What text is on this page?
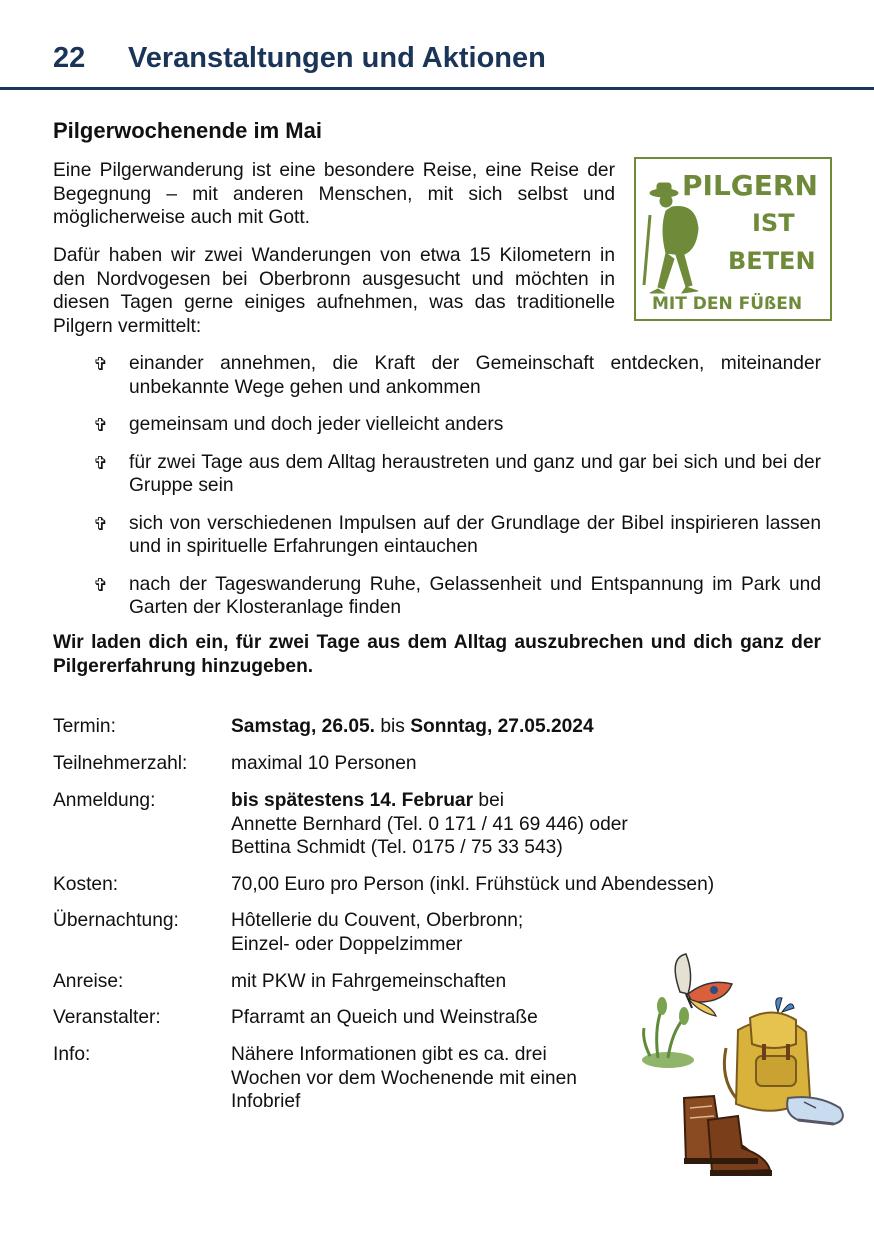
22 Veranstaltungen und Aktionen
Pilgerwochenende im Mai
Eine Pilgerwanderung ist eine besondere Reise, eine Reise der Begegnung – mit anderen Menschen, mit sich selbst und möglicherweise auch mit Gott.
Dafür haben wir zwei Wanderungen von etwa 15 Kilometern in den Nordvogesen bei Oberbronn ausgesucht und möchten in diesen Tagen gerne einiges aufnehmen, was das traditionelle Pilgern vermittelt:
PILGERN
IST
BETEN
MIT DEN FÜßEN
✞ einander annehmen, die Kraft der Gemeinschaft entdecken, miteinander unbekannte Wege gehen und ankommen
✞ gemeinsam und doch jeder vielleicht anders
✞ für zwei Tage aus dem Alltag heraustreten und ganz und gar bei sich und bei der Gruppe sein
✞ sich von verschiedenen Impulsen auf der Grundlage der Bibel inspirieren lassen und in spirituelle Erfahrungen eintauchen
✞ nach der Tageswanderung Ruhe, Gelassenheit und Entspannung im Park und Garten der Klosteranlage finden
Wir laden dich ein, für zwei Tage aus dem Alltag auszubrechen und dich ganz der Pilgererfahrung hinzugeben.
Termin:	Samstag, 26.05. bis Sonntag, 27.05.2024
Teilnehmerzahl: maximal 10 Personen
Anmeldung:	bis spätestens 14. Februar bei
Annette Bernhard (Tel. 0 171 / 41 69 446) oder
Bettina Schmidt (Tel. 0175 / 75 33 543)
Kosten:	70,00 Euro pro Person (inkl. Frühstück und Abendessen)
Übernachtung:	Hôtellerie du Couvent, Oberbronn;
Einzel- oder Doppelzimmer
Anreise:	mit PKW in Fahrgemeinschaften
Veranstalter:	Pfarramt an Queich und Weinstraße
Info:	Nähere Informationen gibt es ca. drei
Wochen vor dem Wochenende mit einen
Infobrief
